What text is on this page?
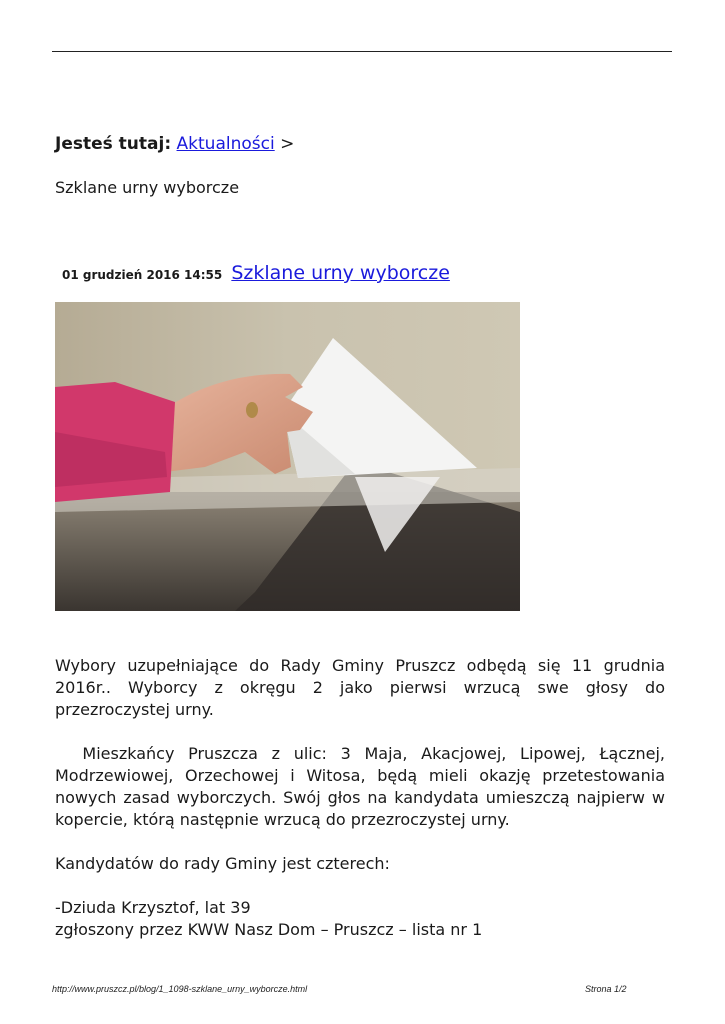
Jesteś tutaj: Aktualności >
Szklane urny wyborcze
01 grudzień 2016 14:55 Szklane urny wyborcze

Wybory uzupełniające do Rady Gminy Pruszcz odbędą się 11 grudnia 2016r.. Wyborcy z okręgu 2 jako pierwsi wrzucą swe głosy do przezroczystej urny.

Mieszkańcy Pruszcza z ulic: 3 Maja, Akacjowej, Lipowej, Łącznej, Modrzewiowej, Orzechowej i Witosa, będą mieli okazję przetestowania nowych zasad wyborczych. Swój głos na kandydata umieszczą najpierw w kopercie, którą następnie wrzucą do przezroczystej urny.

Kandydatów do rady Gminy jest czterech:

-Dziuda Krzysztof, lat 39

zgłoszony przez KWW Nasz Dom – Pruszcz – lista nr 1

http://www.pruszcz.pl/blog/1_1098-szklane_urny_wyborcze.html	Strona 1/2
